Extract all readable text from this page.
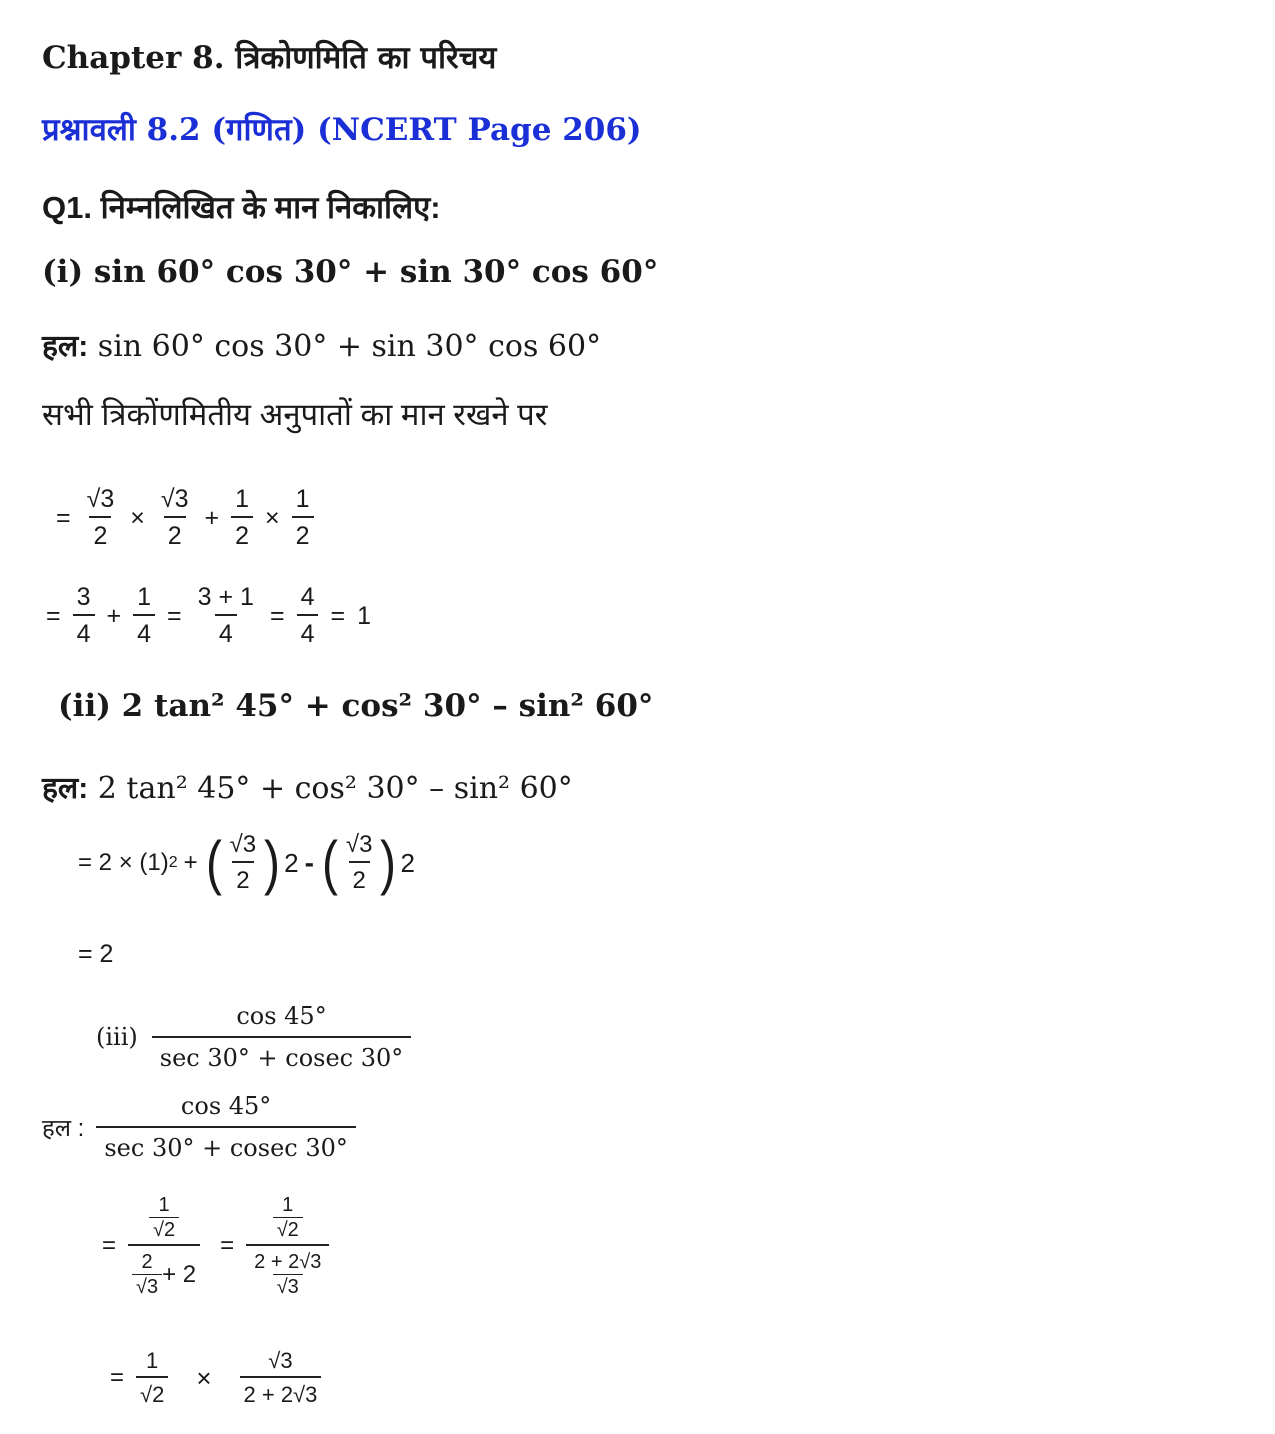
Chapter 8. त्रिकोणमिति का परिचय
प्रश्नावली 8.2 (गणित) (NCERT Page 206)
Q1. निम्नलिखित के मान निकालिए:
(i) sin 60° cos 30° + sin 30° cos 60°
हल: sin 60° cos 30° + sin 30° cos 60°
सभी त्रिकोंणमितीय अनुपातों का मान रखने पर
= $\frac{√3}{2} \times \frac{√3}{2} + \frac{1}{2} \times \frac{1}{2}$
= $\frac{3}{4} + \frac{1}{4} = \frac{3 + 1}{4} = \frac{4}{4} = 1$
(ii) 2 tan² 45° + cos² 30° – sin² 60°
हल: 2 tan² 45° + cos² 30° – sin² 60°
= 2 × (1) 2 + ( $\frac{√3}{2}$ ) 2 - ( $\frac{√3}{2}$ ) 2
= 2
$(iii) \frac{\cos 45^\circ}{\sec 30^\circ + cosec 30^\circ}$
हल : $\frac{\cos 45^\circ}{\sec 30^\circ + cosec 30^\circ}$
= $\frac{\frac{1}{√2}}{\frac{2}{√3} + 2} = \frac{\frac{1}{√2}}{\frac{2 + 2√3}{√3}}$
= $\frac{1}{√2} \times \frac{√3}{2 + 2√3}$
